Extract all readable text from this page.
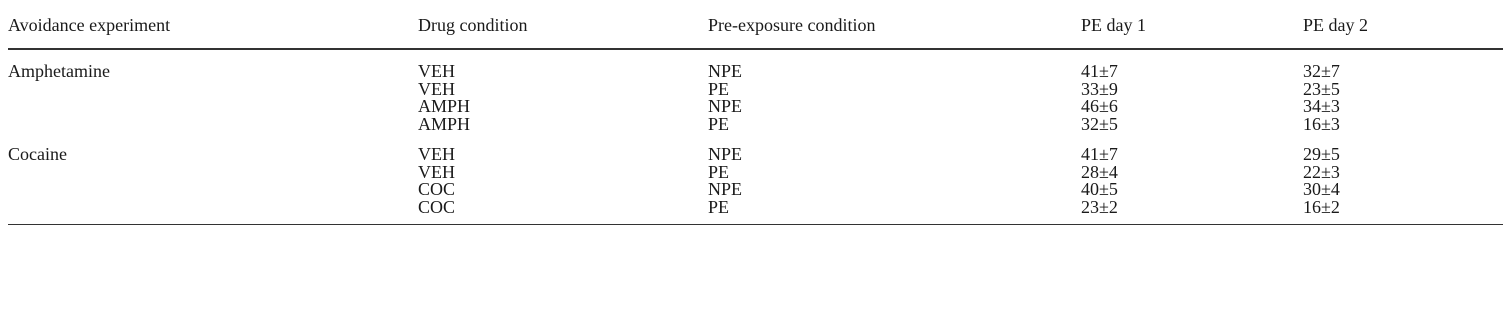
Avoidance experiment	Drug condition	Pre-exposure condition	PE day 1	PE day 2
Amphetamine	VEH	NPE	41±7	32±7
	VEH	PE	33±9	23±5
	AMPH	NPE	46±6	34±3
	AMPH	PE	32±5	16±3
Cocaine	VEH	NPE	41±7	29±5
	VEH	PE	28±4	22±3
	COC	NPE	40±5	30±4
	COC	PE	23±2	16±2
